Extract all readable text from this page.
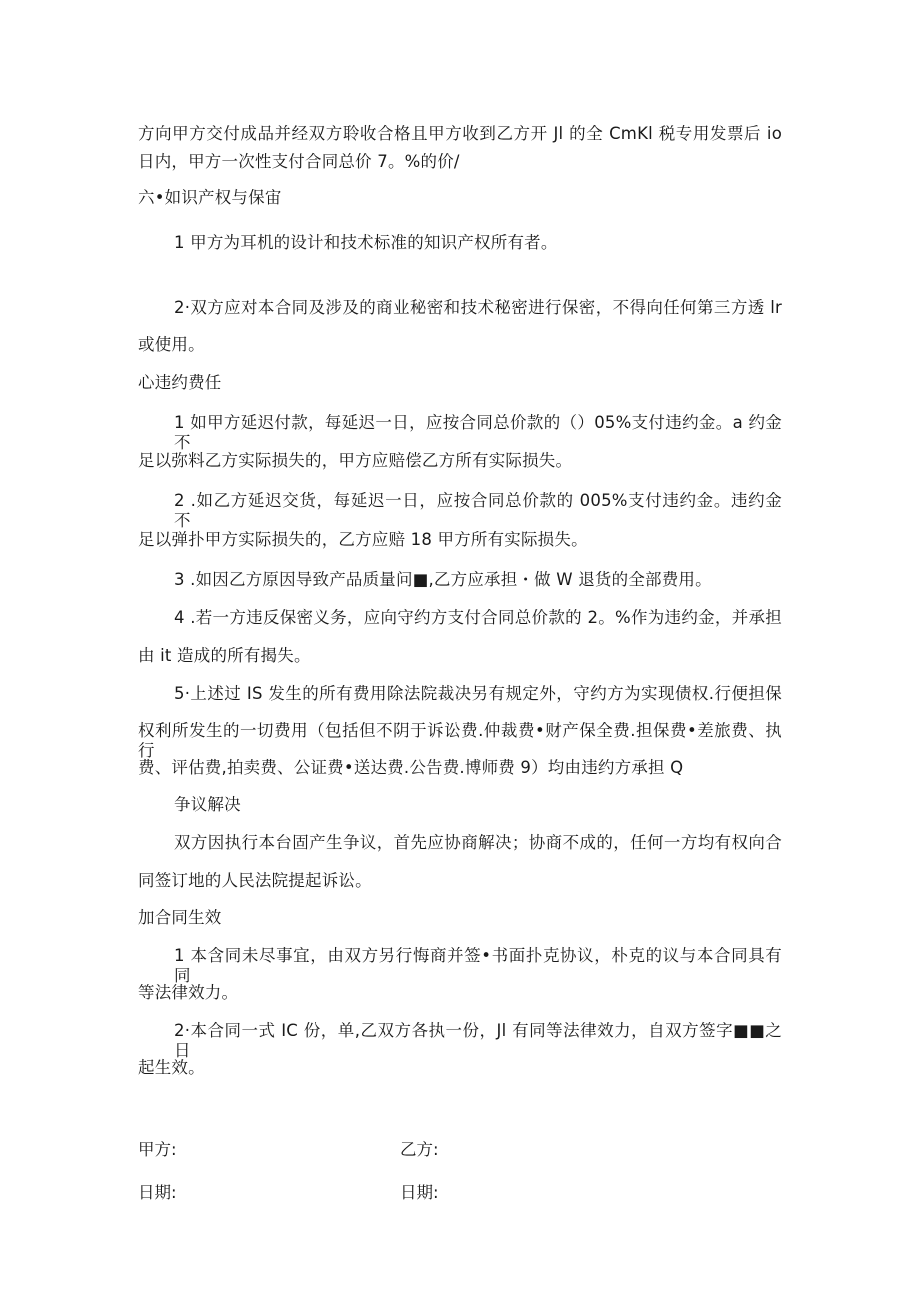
方向甲方交付成品并经双方聆收合格且甲方收到乙方开 Jl 的全 CmKl 税专用发票后 io
日内，甲方一次性支付合同总价 7。%的价/
六•如识产权与保宙
1 甲方为耳机的设计和技术标准的知识产权所有者。
2·双方应对本合同及涉及的商业秘密和技术秘密进行保密，不得向任何第三方透 lr
或使用。
心违约费任
1 如甲方延迟付款，每延迟一日，应按合同总价款的（）05%支付违约金。a 约金不
足以弥料乙方实际损失的，甲方应赔偿乙方所有实际损失。
2 .如乙方延迟交货，每延迟一日，应按合同总价款的 005%支付违约金。违约金不
足以弹扑甲方实际损失的，乙方应赔 18 甲方所有实际损失。
3 .如因乙方原因导致产品质量问■,乙方应承担・做 W 退货的全部费用。
4 .若一方违反保密义务，应向守约方支付合同总价款的 2。%作为违约金，并承担
由 it 造成的所有揭失。
5·上述过 IS 发生的所有费用除法院裁决另有规定外，守约方为实现债权.行便担保
权利所发生的一切费用（包括但不阴于诉讼费.仲裁费•财产保全费.担保费•差旅费、执行
费、评估费,拍卖费、公证费•送达费.公告费.博师费 9）均由违约方承担 Q
争议解决
双方因执行本台固产生争议，首先应协商解决；协商不成的，任何一方均有权向合
同签订地的人民法院提起诉讼。
加合同生效
1 本含同未尽事宜，由双方另行悔商并签•书面扑克协议，朴克的议与本合同具有同
等法律效力。
2·本合同一式 IC 份，单,乙双方各执一份，Jl 有同等法律效力，自双方签字■■之日
起生效。
甲方:	乙方:
日期:	日期:
